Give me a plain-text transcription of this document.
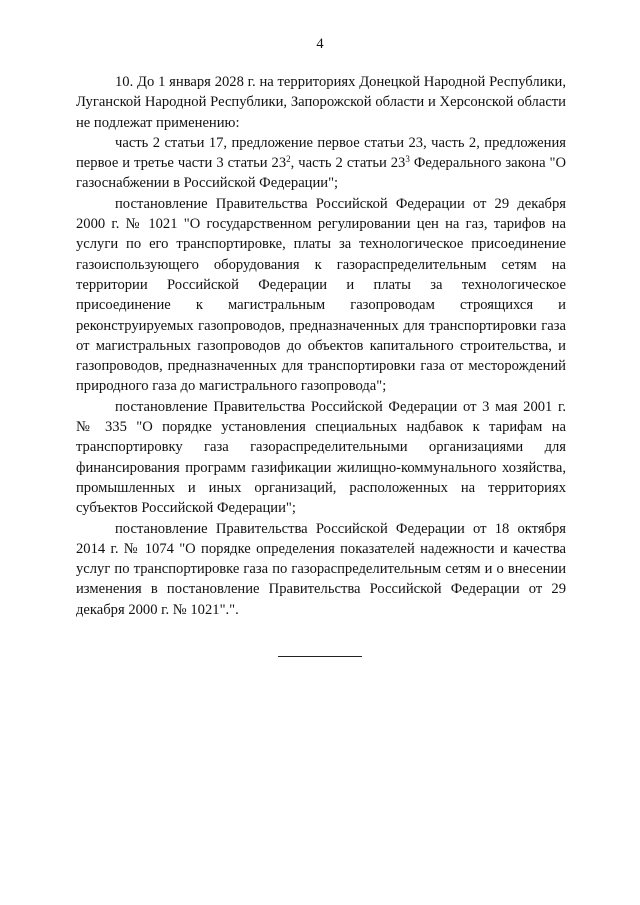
4

10. До 1 января 2028 г. на территориях Донецкой Народной Республики, Луганской Народной Республики, Запорожской области и Херсонской области не подлежат применению:

часть 2 статьи 17, предложение первое статьи 23, часть 2, предложения первое и третье части 3 статьи $23^2$, часть 2 статьи $23^3$ Федерального закона "О газоснабжении в Российской Федерации";

постановление Правительства Российской Федерации от 29 декабря 2000 г. № 1021 "О государственном регулировании цен на газ, тарифов на услуги по его транспортировке, платы за технологическое присоединение газоиспользующего оборудования к газораспределительным сетям на территории Российской Федерации и платы за технологическое присоединение к магистральным газопроводам строящихся и реконструируемых газопроводов, предназначенных для транспортировки газа от магистральных газопроводов до объектов капитального строительства, и газопроводов, предназначенных для транспортировки газа от месторождений природного газа до магистрального газопровода";

постановление Правительства Российской Федерации от 3 мая 2001 г. № 335 "О порядке установления специальных надбавок к тарифам на транспортировку газа газораспределительными организациями для финансирования программ газификации жилищно-коммунального хозяйства, промышленных и иных организаций, расположенных на территориях субъектов Российской Федерации";

постановление Правительства Российской Федерации от 18 октября 2014 г. № 1074 "О порядке определения показателей надежности и качества услуг по транспортировке газа по газораспределительным сетям и о внесении изменения в постановление Правительства Российской Федерации от 29 декабря 2000 г. № 1021".".
